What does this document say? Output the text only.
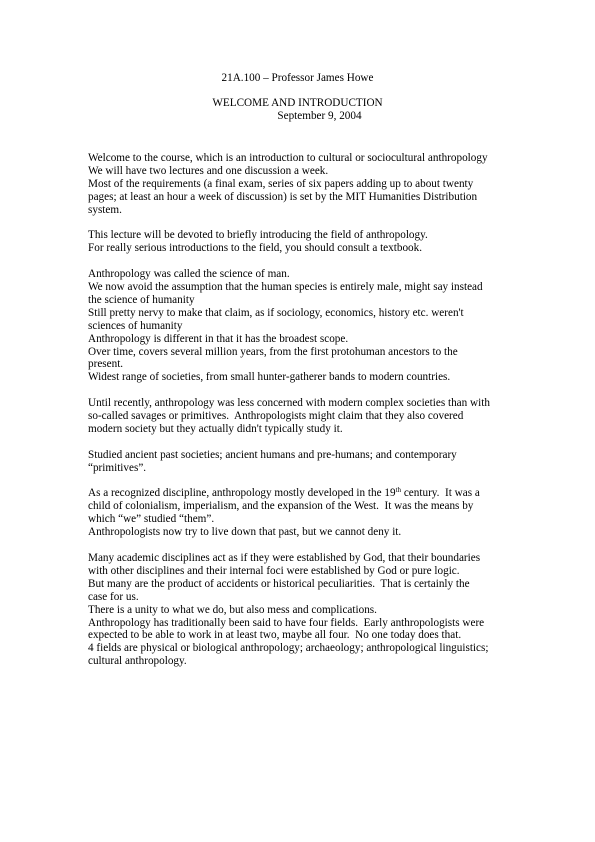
21A.100 – Professor James Howe
WELCOME AND INTRODUCTION
September 9, 2004
Welcome to the course, which is an introduction to cultural or sociocultural anthropology
We will have two lectures and one discussion a week.
Most of the requirements (a final exam, series of six papers adding up to about twenty
pages; at least an hour a week of discussion) is set by the MIT Humanities Distribution
system.
This lecture will be devoted to briefly introducing the field of anthropology.
For really serious introductions to the field, you should consult a textbook.
Anthropology was called the science of man.
We now avoid the assumption that the human species is entirely male, might say instead
the science of humanity
Still pretty nervy to make that claim, as if sociology, economics, history etc. weren't
sciences of humanity
Anthropology is different in that it has the broadest scope.
Over time, covers several million years, from the first protohuman ancestors to the
present.
Widest range of societies, from small hunter-gatherer bands to modern countries.
Until recently, anthropology was less concerned with modern complex societies than with
so-called savages or primitives.  Anthropologists might claim that they also covered
modern society but they actually didn't typically study it.
Studied ancient past societies; ancient humans and pre-humans; and contemporary
“primitives”.
As a recognized discipline, anthropology mostly developed in the 19th century.  It was a
child of colonialism, imperialism, and the expansion of the West.  It was the means by
which “we” studied “them”.
Anthropologists now try to live down that past, but we cannot deny it.
Many academic disciplines act as if they were established by God, that their boundaries
with other disciplines and their internal foci were established by God or pure logic.
But many are the product of accidents or historical peculiarities.  That is certainly the
case for us.
There is a unity to what we do, but also mess and complications.
Anthropology has traditionally been said to have four fields.  Early anthropologists were
expected to be able to work in at least two, maybe all four.  No one today does that.
4 fields are physical or biological anthropology; archaeology; anthropological linguistics;
cultural anthropology.
